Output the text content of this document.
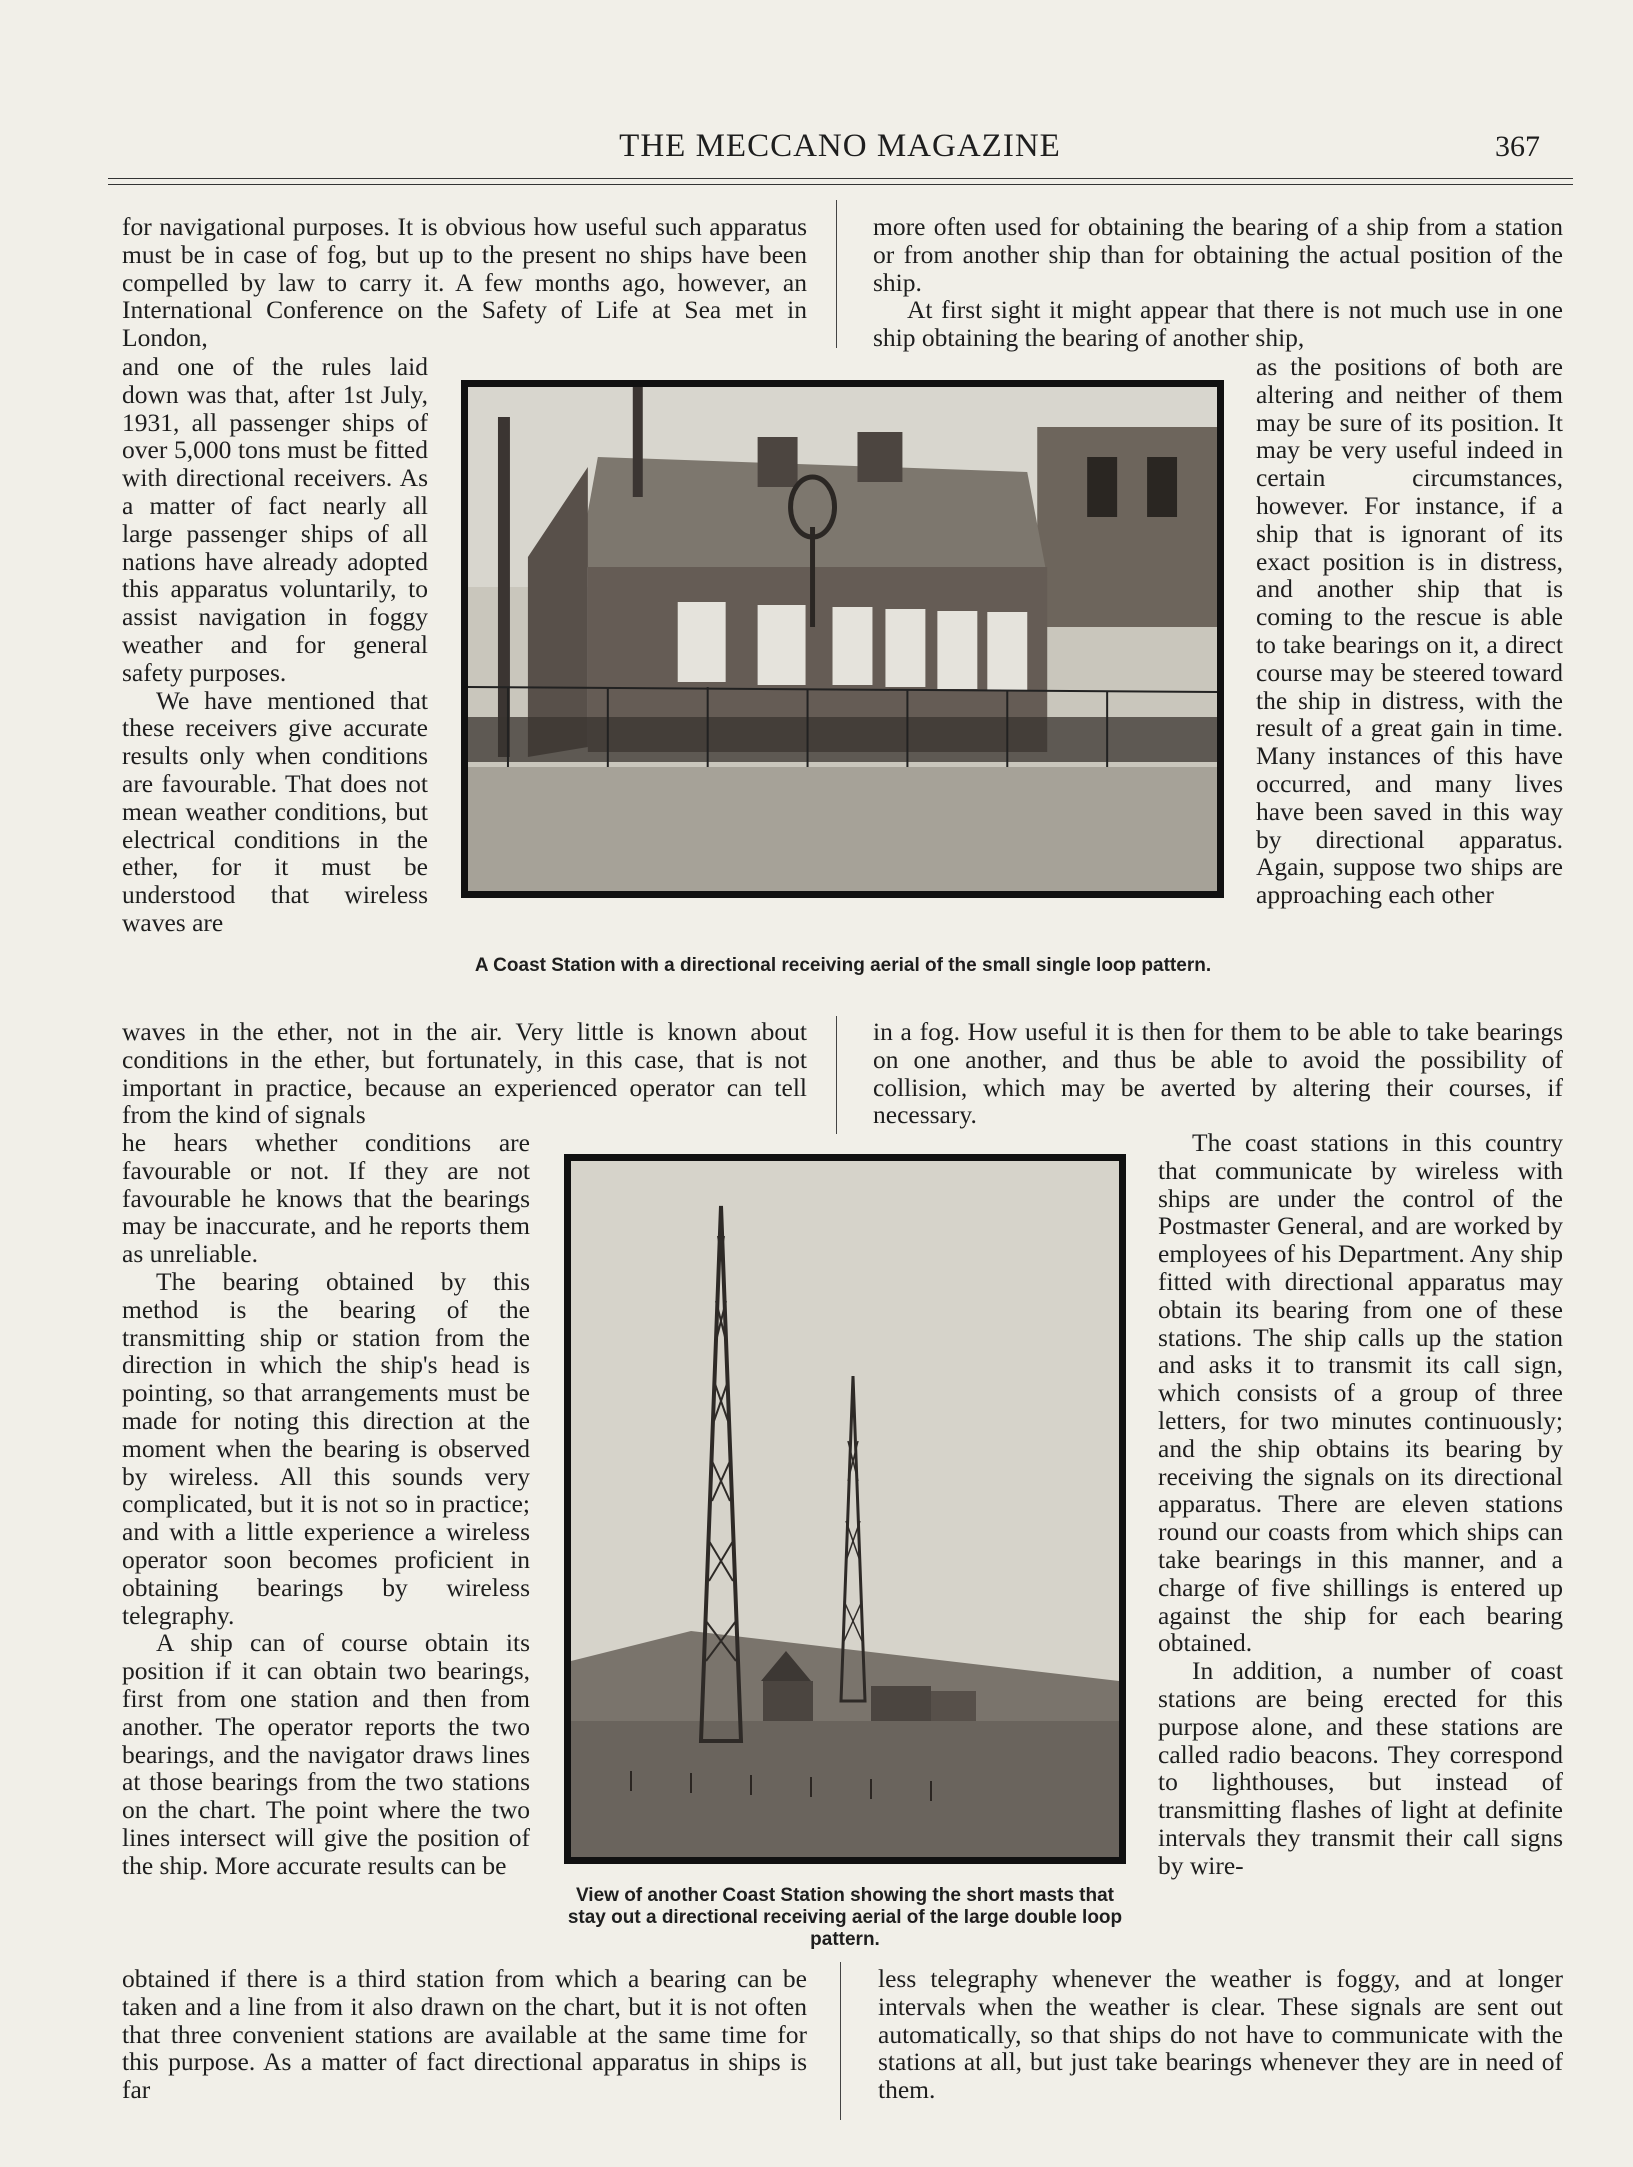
THE MECCANO MAGAZINE	367

for navigational purposes. It is obvious how useful such apparatus must be in case of fog, but up to the present no ships have been compelled by law to carry it. A few months ago, however, an International Conference on the Safety of Life at Sea met in London,

more often used for obtaining the bearing of a ship from a station or from another ship than for obtaining the actual position of the ship.

At first sight it might appear that there is not much use in one ship obtaining the bearing of another ship,

and one of the rules laid down was that, after 1st July, 1931, all passenger ships of over 5,000 tons must be fitted with directional receivers. As a matter of fact nearly all large passenger ships of all nations have already adopted this apparatus voluntarily, to assist navigation in foggy weather and for general safety purposes.

We have mentioned that these receivers give accurate results only when conditions are favourable. That does not mean weather conditions, but electrical conditions in the ether, for it must be understood that wireless waves are

as the positions of both are altering and neither of them may be sure of its position. It may be very useful indeed in certain circumstances, however. For instance, if a ship that is ignorant of its exact position is in distress, and another ship that is coming to the rescue is able to take bearings on it, a direct course may be steered toward the ship in distress, with the result of a great gain in time. Many instances of this have occurred, and many lives have been saved in this way by directional apparatus. Again, suppose two ships are approaching each other

A Coast Station with a directional receiving aerial of the small single loop pattern.

waves in the ether, not in the air. Very little is known about conditions in the ether, but fortunately, in this case, that is not important in practice, because an experienced operator can tell from the kind of signals

in a fog. How useful it is then for them to be able to take bearings on one another, and thus be able to avoid the possibility of collision, which may be averted by altering their courses, if necessary.

he hears whether conditions are favourable or not. If they are not favourable he knows that the bearings may be inaccurate, and he reports them as unreliable.

The bearing obtained by this method is the bearing of the transmitting ship or station from the direction in which the ship's head is pointing, so that arrangements must be made for noting this direction at the moment when the bearing is observed by wireless. All this sounds very complicated, but it is not so in practice; and with a little experience a wireless operator soon becomes proficient in obtaining bearings by wireless telegraphy.

A ship can of course obtain its position if it can obtain two bearings, first from one station and then from another. The operator reports the two bearings, and the navigator draws lines at those bearings from the two stations on the chart. The point where the two lines intersect will give the position of the ship. More accurate results can be

The coast stations in this country that communicate by wireless with ships are under the control of the Postmaster General, and are worked by employees of his Department. Any ship fitted with directional apparatus may obtain its bearing from one of these stations. The ship calls up the station and asks it to transmit its call sign, which consists of a group of three letters, for two minutes continuously; and the ship obtains its bearing by receiving the signals on its directional apparatus. There are eleven stations round our coasts from which ships can take bearings in this manner, and a charge of five shillings is entered up against the ship for each bearing obtained.

In addition, a number of coast stations are being erected for this purpose alone, and these stations are called radio beacons. They correspond to lighthouses, but instead of transmitting flashes of light at definite intervals they transmit their call signs by wire-

View of another Coast Station showing the short masts that stay out a directional receiving aerial of the large double loop pattern.

obtained if there is a third station from which a bearing can be taken and a line from it also drawn on the chart, but it is not often that three convenient stations are available at the same time for this purpose. As a matter of fact directional apparatus in ships is far

less telegraphy whenever the weather is foggy, and at longer intervals when the weather is clear. These signals are sent out automatically, so that ships do not have to communicate with the stations at all, but just take bearings whenever they are in need of them.
